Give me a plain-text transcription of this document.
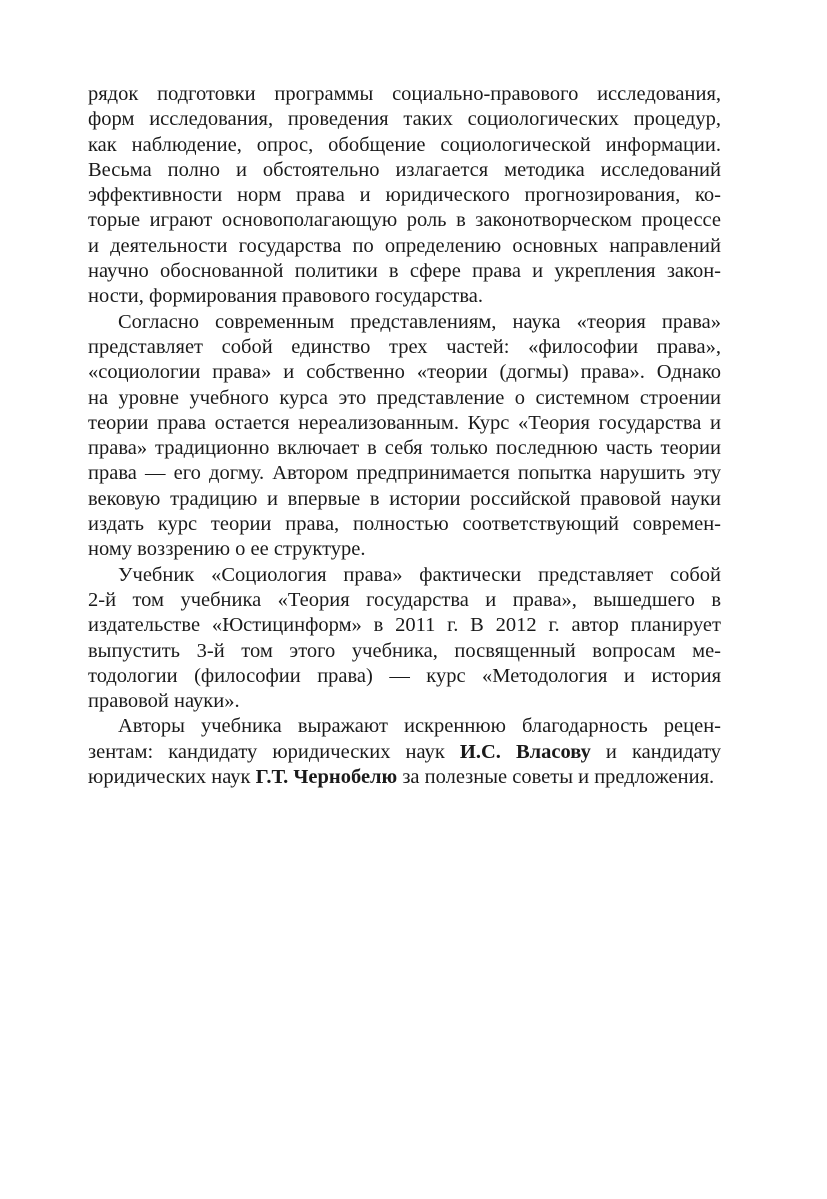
рядок подготовки программы социально-правового исследования,
форм исследования, проведения таких социологических процедур,
как наблюдение, опрос, обобщение социологической информации.
Весьма полно и обстоятельно излагается методика исследований
эффективности норм права и юридического прогнозирования, ко-
торые играют основополагающую роль в законотворческом процессе
и деятельности государства по определению основных направлений
научно обоснованной политики в сфере права и укрепления закон-
ности, формирования правового государства.
Согласно современным представлениям, наука «теория права»
представляет собой единство трех частей: «философии права»,
«социологии права» и собственно «теории (догмы) права». Однако
на уровне учебного курса это представление о системном строении
теории права остается нереализованным. Курс «Теория государства и
права» традиционно включает в себя только последнюю часть теории
права — его догму. Автором предпринимается попытка нарушить эту
вековую традицию и впервые в истории российской правовой науки
издать курс теории права, полностью соответствующий современ-
ному воззрению о ее структуре.
Учебник «Социология права» фактически представляет собой
2-й том учебника «Теория государства и права», вышедшего в
издательстве «Юстицинформ» в 2011 г. В 2012 г. автор планирует
выпустить 3-й том этого учебника, посвященный вопросам ме-
тодологии (философии права) — курс «Методология и история
правовой науки».
Авторы учебника выражают искреннюю благодарность рецен-
зентам: кандидату юридических наук И.С. Власову и кандидату
юридических наук Г.Т. Чернобелю за полезные советы и предложения.
